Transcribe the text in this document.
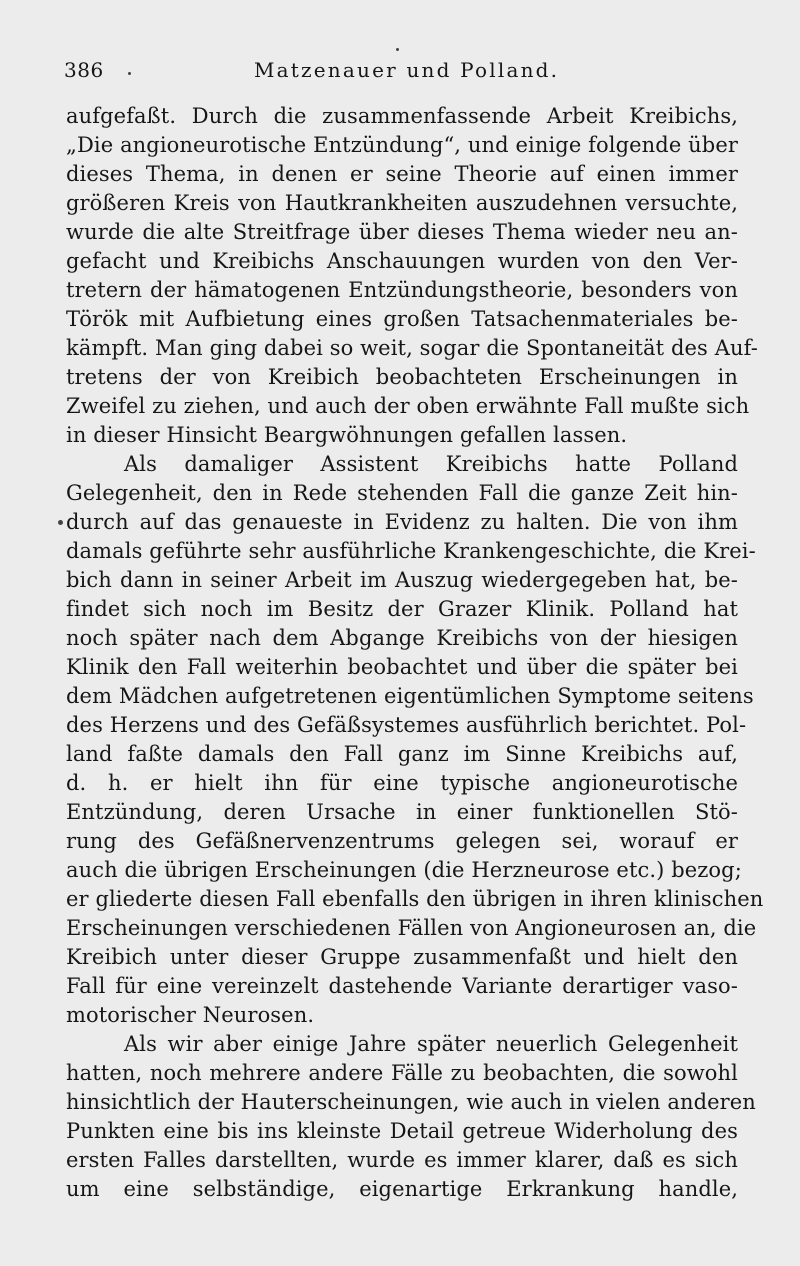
386	Matzenauer und Polland.
aufgefaßt. Durch die zusammenfassende Arbeit Kreibichs,
„Die angioneurotische Entzündung“, und einige folgende über
dieses Thema, in denen er seine Theorie auf einen immer
größeren Kreis von Hautkrankheiten auszudehnen versuchte,
wurde die alte Streitfrage über dieses Thema wieder neu an-
gefacht und Kreibichs Anschauungen wurden von den Ver-
tretern der hämatogenen Entzündungstheorie, besonders von
Török mit Aufbietung eines großen Tatsachenmateriales be-
kämpft. Man ging dabei so weit, sogar die Spontaneität des Auf-
tretens der von Kreibich beobachteten Erscheinungen in
Zweifel zu ziehen, und auch der oben erwähnte Fall mußte sich
in dieser Hinsicht Beargwöhnungen gefallen lassen.
Als damaliger Assistent Kreibichs hatte Polland
Gelegenheit, den in Rede stehenden Fall die ganze Zeit hin-
durch auf das genaueste in Evidenz zu halten. Die von ihm
damals geführte sehr ausführliche Krankengeschichte, die Krei-
bich dann in seiner Arbeit im Auszug wiedergegeben hat, be-
findet sich noch im Besitz der Grazer Klinik. Polland hat
noch später nach dem Abgange Kreibichs von der hiesigen
Klinik den Fall weiterhin beobachtet und über die später bei
dem Mädchen aufgetretenen eigentümlichen Symptome seitens
des Herzens und des Gefäßsystemes ausführlich berichtet. Pol-
land faßte damals den Fall ganz im Sinne Kreibichs auf,
d. h. er hielt ihn für eine typische angioneurotische
Entzündung, deren Ursache in einer funktionellen Stö-
rung des Gefäßnervenzentrums gelegen sei, worauf er
auch die übrigen Erscheinungen (die Herzneurose etc.) bezog;
er gliederte diesen Fall ebenfalls den übrigen in ihren klinischen
Erscheinungen verschiedenen Fällen von Angioneurosen an, die
Kreibich unter dieser Gruppe zusammenfaßt und hielt den
Fall für eine vereinzelt dastehende Variante derartiger vaso-
motorischer Neurosen.
Als wir aber einige Jahre später neuerlich Gelegenheit
hatten, noch mehrere andere Fälle zu beobachten, die sowohl
hinsichtlich der Hauterscheinungen, wie auch in vielen anderen
Punkten eine bis ins kleinste Detail getreue Widerholung des
ersten Falles darstellten, wurde es immer klarer, daß es sich
um eine selbständige, eigenartige Erkrankung handle,
